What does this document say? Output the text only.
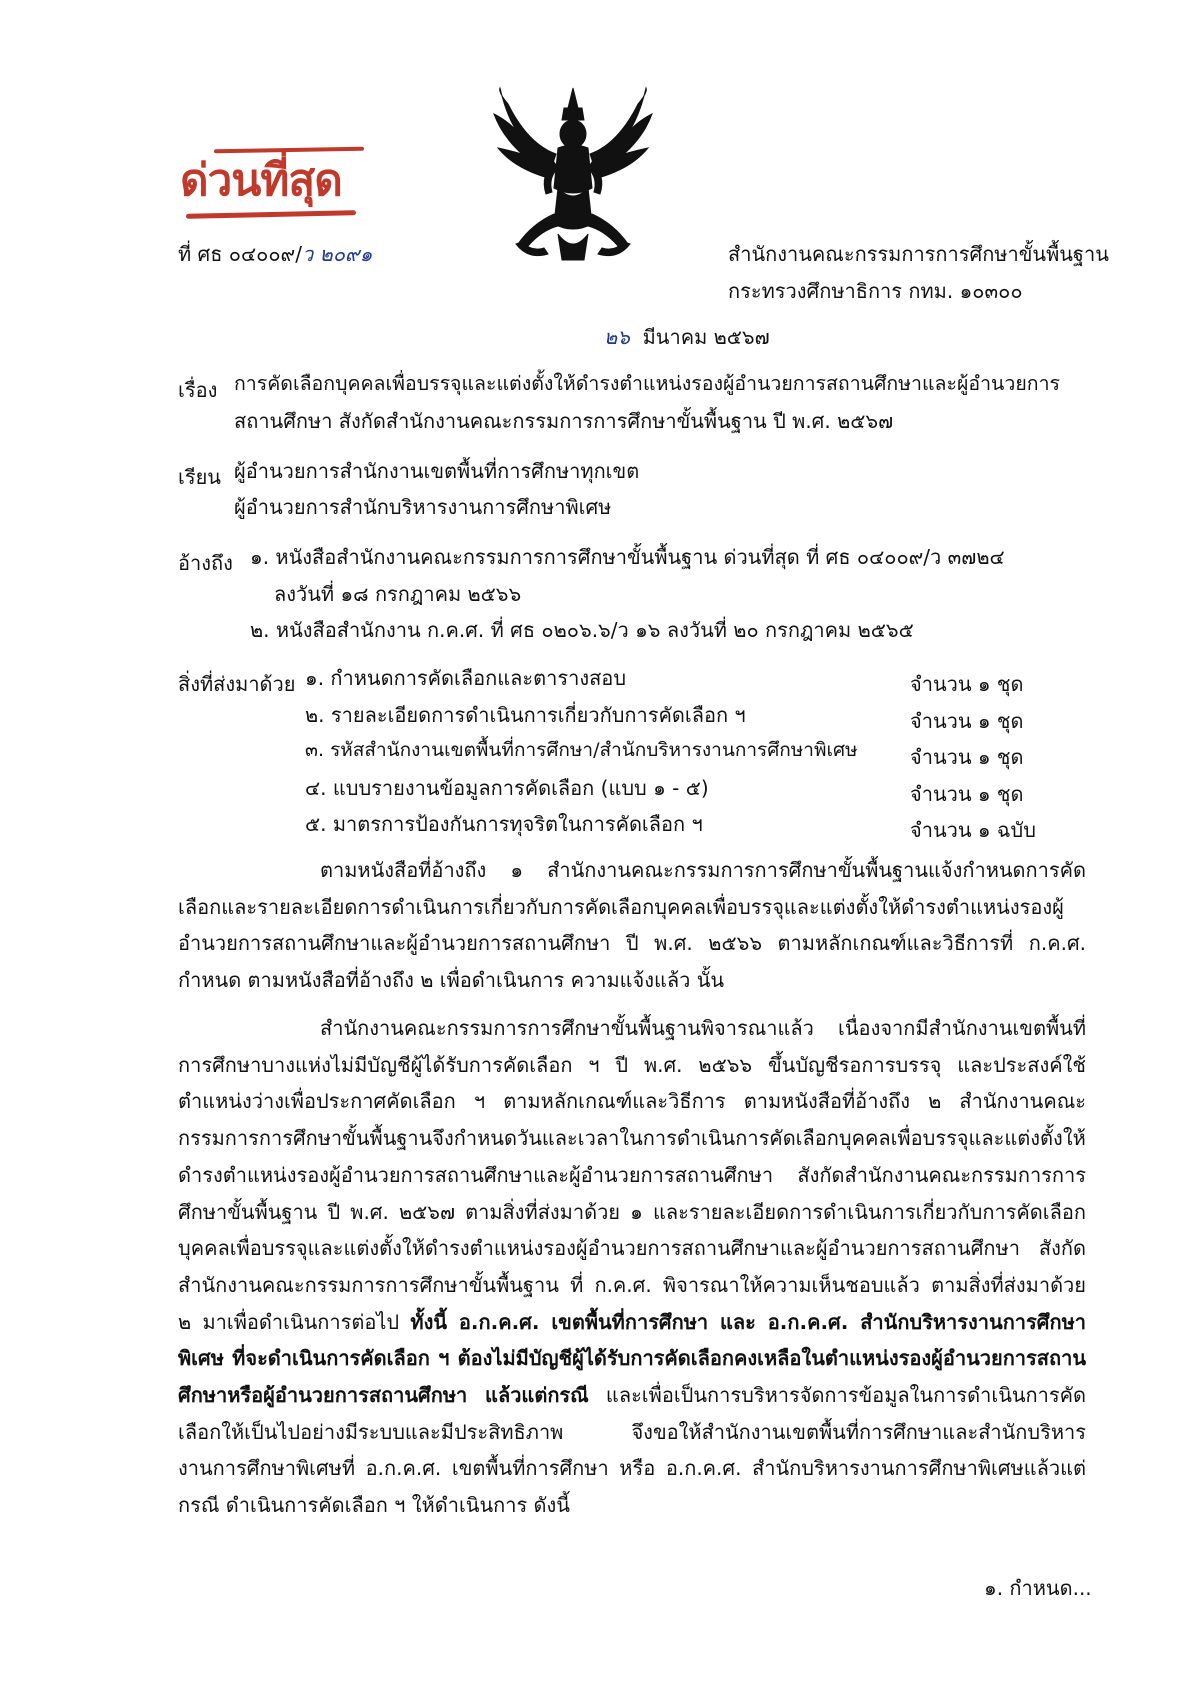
ด่วนที่สุด
ที่ ศธ ๐๔๐๐๙/ว ๒๐๙๑	สำนักงานคณะกรรมการการศึกษาขั้นพื้นฐาน
กระทรวงศึกษาธิการ กทม. ๑๐๓๐๐
๒๖ มีนาคม ๒๕๖๗
เรื่อง การคัดเลือกบุคคลเพื่อบรรจุและแต่งตั้งให้ดำรงตำแหน่งรองผู้อำนวยการสถานศึกษาและผู้อำนวยการ
สถานศึกษา สังกัดสำนักงานคณะกรรมการการศึกษาขั้นพื้นฐาน ปี พ.ศ. ๒๕๖๗
เรียน ผู้อำนวยการสำนักงานเขตพื้นที่การศึกษาทุกเขต
ผู้อำนวยการสำนักบริหารงานการศึกษาพิเศษ
อ้างถึง ๑. หนังสือสำนักงานคณะกรรมการการศึกษาขั้นพื้นฐาน ด่วนที่สุด ที่ ศธ ๐๔๐๐๙/ว ๓๗๒๔
ลงวันที่ ๑๘ กรกฎาคม ๒๕๖๖
๒. หนังสือสำนักงาน ก.ค.ศ. ที่ ศธ ๐๒๐๖.๖/ว ๑๖ ลงวันที่ ๒๐ กรกฎาคม ๒๕๖๕
สิ่งที่ส่งมาด้วย ๑. กำหนดการคัดเลือกและตารางสอบ	จำนวน ๑ ชุด
๒. รายละเอียดการดำเนินการเกี่ยวกับการคัดเลือก ฯ	จำนวน ๑ ชุด
๓. รหัสสำนักงานเขตพื้นที่การศึกษา/สำนักบริหารงานการศึกษาพิเศษ	จำนวน ๑ ชุด
๔. แบบรายงานข้อมูลการคัดเลือก (แบบ ๑ - ๕)	จำนวน ๑ ชุด
๕. มาตรการป้องกันการทุจริตในการคัดเลือก ฯ	จำนวน ๑ ฉบับ
ตามหนังสือที่อ้างถึง ๑ สำนักงานคณะกรรมการการศึกษาขั้นพื้นฐานแจ้งกำหนดการคัดเลือกและรายละเอียดการดำเนินการเกี่ยวกับการคัดเลือกบุคคลเพื่อบรรจุและแต่งตั้งให้ดำรงตำแหน่งรองผู้อำนวยการสถานศึกษาและผู้อำนวยการสถานศึกษา ปี พ.ศ. ๒๕๖๖ ตามหลักเกณฑ์และวิธีการที่ ก.ค.ศ. กำหนด ตามหนังสือที่อ้างถึง ๒ เพื่อดำเนินการ ความแจ้งแล้ว นั้น
สำนักงานคณะกรรมการการศึกษาขั้นพื้นฐานพิจารณาแล้ว เนื่องจากมีสำนักงานเขตพื้นที่การศึกษาบางแห่งไม่มีบัญชีผู้ได้รับการคัดเลือก ฯ ปี พ.ศ. ๒๕๖๖ ขึ้นบัญชีรอการบรรจุ และประสงค์ใช้ตำแหน่งว่างเพื่อประกาศคัดเลือก ฯ ตามหลักเกณฑ์และวิธีการ ตามหนังสือที่อ้างถึง ๒ สำนักงานคณะกรรมการการศึกษาขั้นพื้นฐานจึงกำหนดวันและเวลาในการดำเนินการคัดเลือกบุคคลเพื่อบรรจุและแต่งตั้งให้ดำรงตำแหน่งรองผู้อำนวยการสถานศึกษาและผู้อำนวยการสถานศึกษา สังกัดสำนักงานคณะกรรมการการศึกษาขั้นพื้นฐาน ปี พ.ศ. ๒๕๖๗ ตามสิ่งที่ส่งมาด้วย ๑ และรายละเอียดการดำเนินการเกี่ยวกับการคัดเลือกบุคคลเพื่อบรรจุและแต่งตั้งให้ดำรงตำแหน่งรองผู้อำนวยการสถานศึกษาและผู้อำนวยการสถานศึกษา สังกัดสำนักงานคณะกรรมการการศึกษาขั้นพื้นฐาน ที่ ก.ค.ศ. พิจารณาให้ความเห็นชอบแล้ว ตามสิ่งที่ส่งมาด้วย ๒ มาเพื่อดำเนินการต่อไป ทั้งนี้ อ.ก.ค.ศ. เขตพื้นที่การศึกษา และ อ.ก.ค.ศ. สำนักบริหารงานการศึกษาพิเศษ ที่จะดำเนินการคัดเลือก ฯ ต้องไม่มีบัญชีผู้ได้รับการคัดเลือกคงเหลือในตำแหน่งรองผู้อำนวยการสถานศึกษาหรือผู้อำนวยการสถานศึกษา แล้วแต่กรณี และเพื่อเป็นการบริหารจัดการข้อมูลในการดำเนินการคัดเลือกให้เป็นไปอย่างมีระบบและมีประสิทธิภาพ จึงขอให้สำนักงานเขตพื้นที่การศึกษาและสำนักบริหารงานการศึกษาพิเศษที่ อ.ก.ค.ศ. เขตพื้นที่การศึกษา หรือ อ.ก.ค.ศ. สำนักบริหารงานการศึกษาพิเศษแล้วแต่กรณี ดำเนินการคัดเลือก ฯ ให้ดำเนินการ ดังนี้
๑. กำหนด...
